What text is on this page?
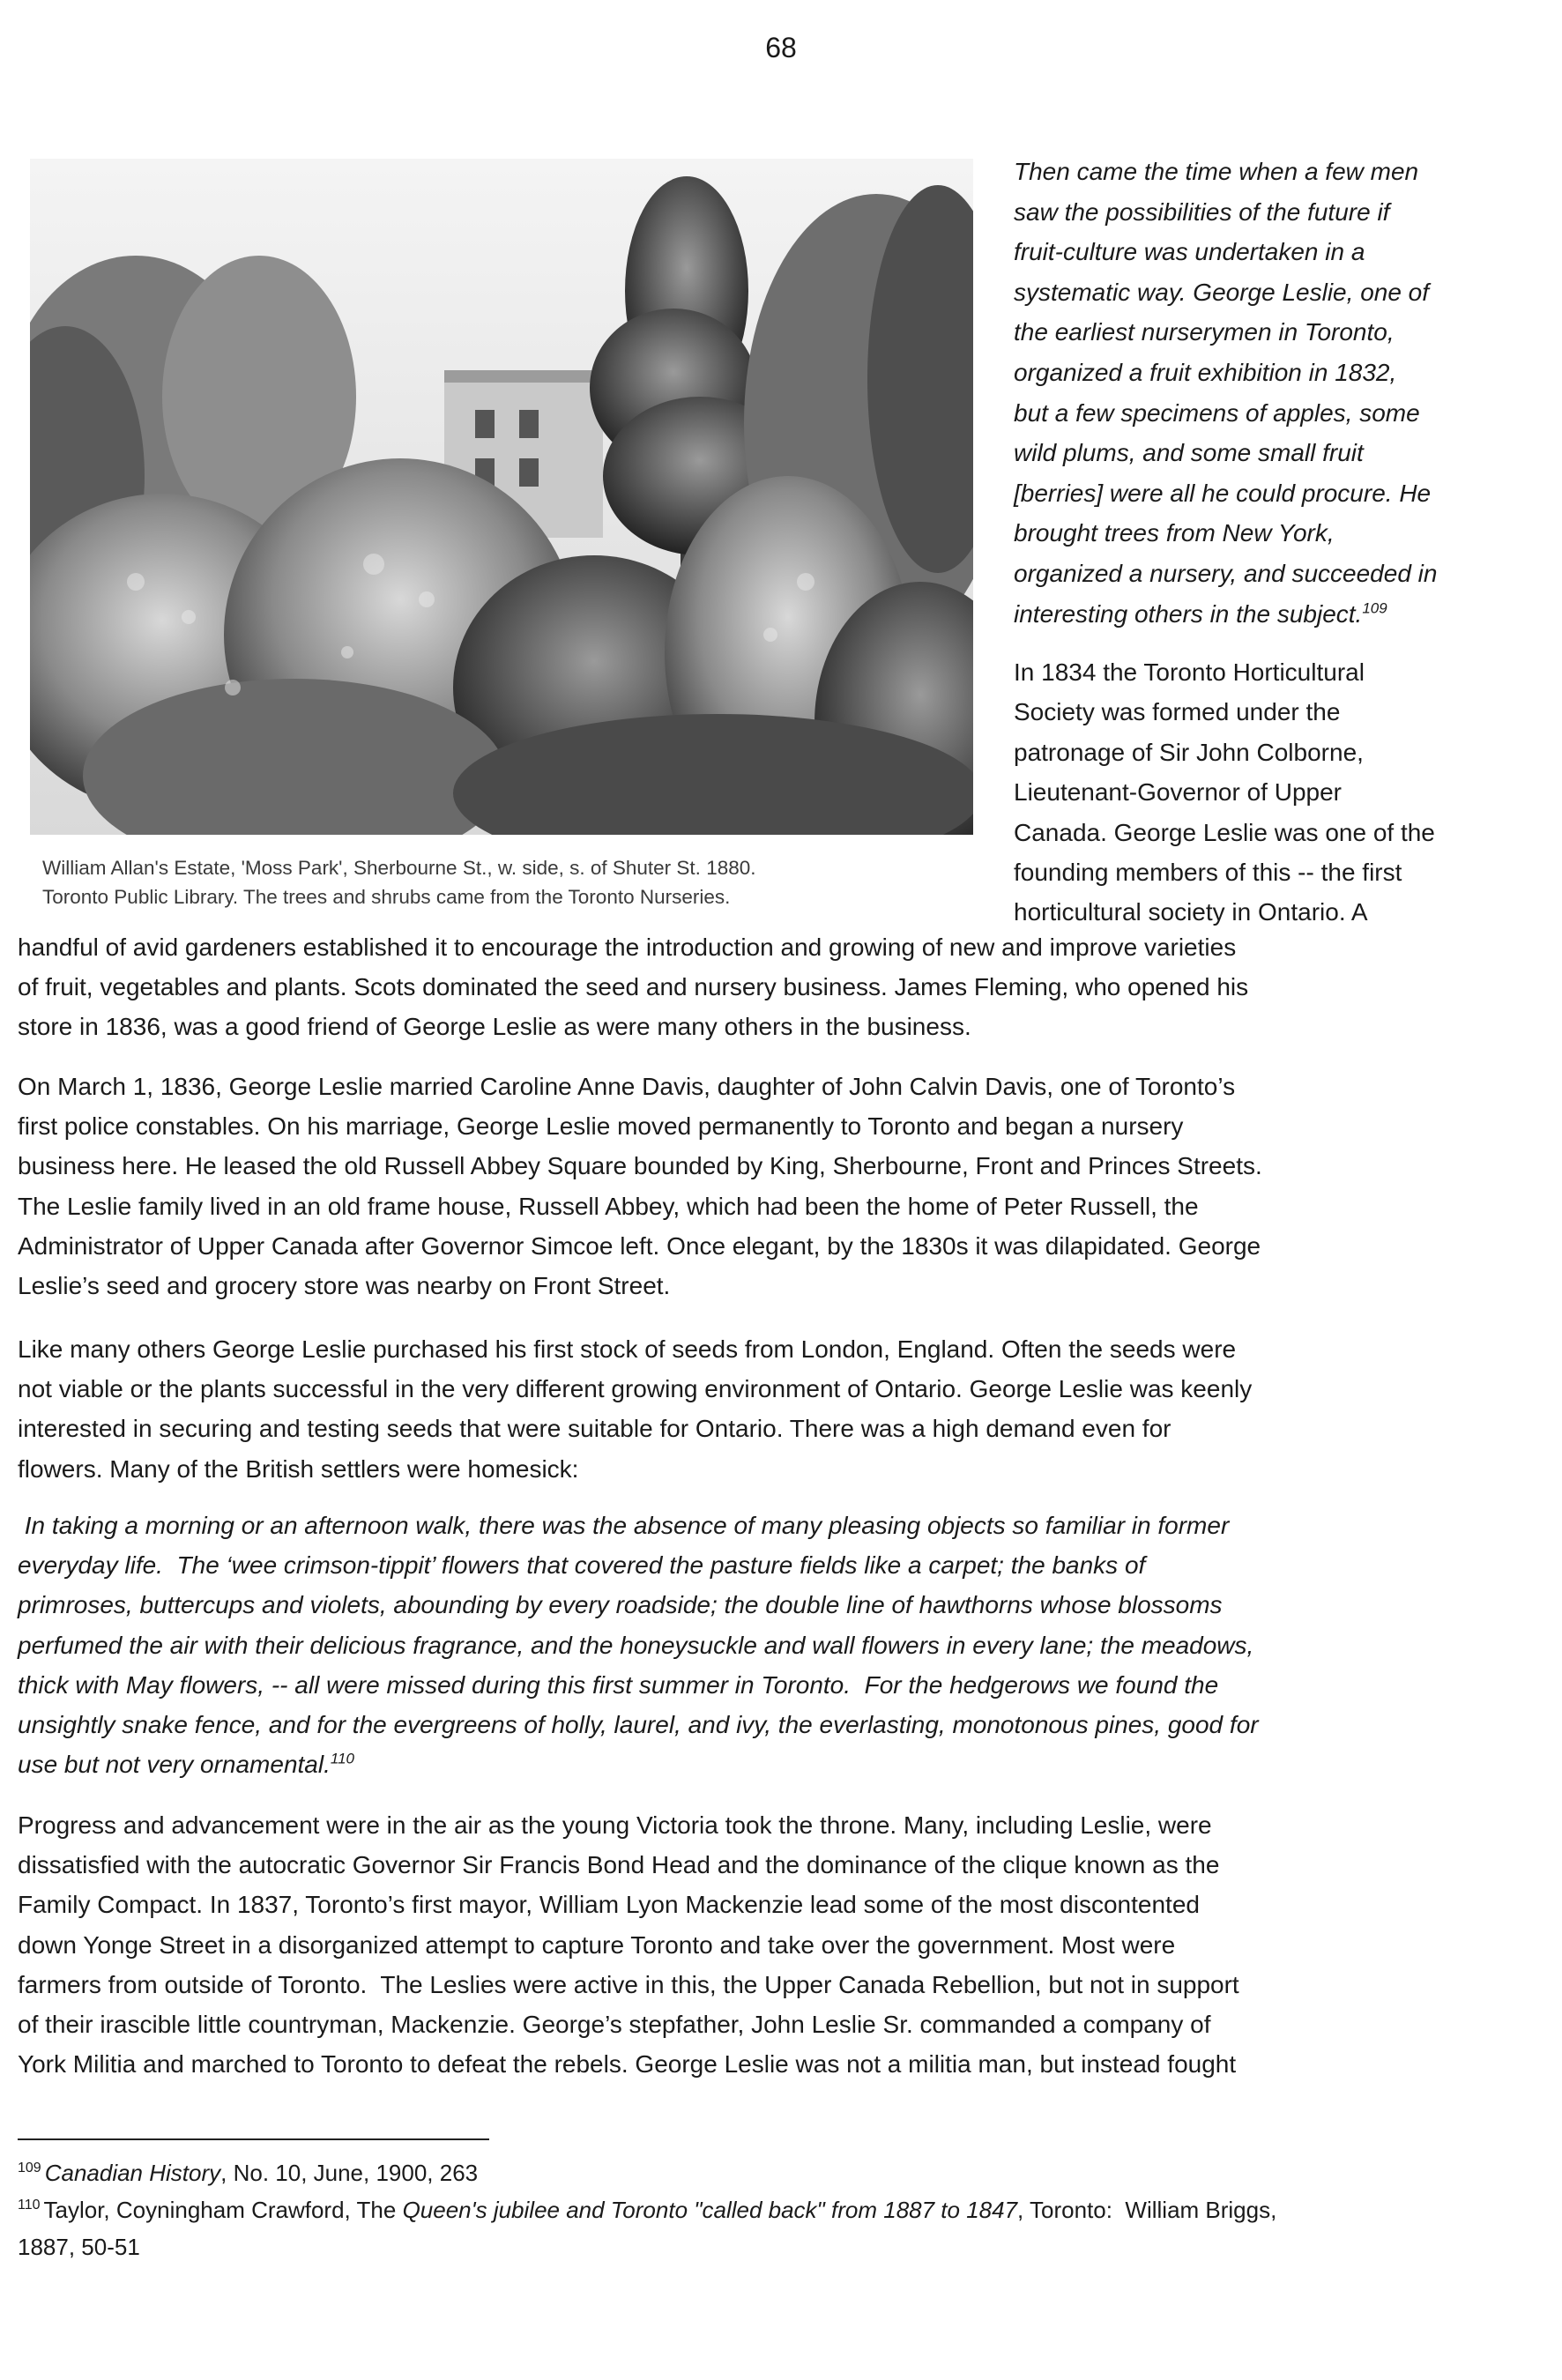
68
William Allan's Estate, 'Moss Park', Sherbourne St., w. side, s. of Shuter St. 1880.
Toronto Public Library. The trees and shrubs came from the Toronto Nurseries.

Then came the time when a few men
saw the possibilities of the future if
fruit-culture was undertaken in a
systematic way. George Leslie, one of
the earliest nurserymen in Toronto,
organized a fruit exhibition in 1832,
but a few specimens of apples, some
wild plums, and some small fruit
[berries] were all he could procure. He
brought trees from New York,
organized a nursery, and succeeded in
interesting others in the subject.$^{109}$

In 1834 the Toronto Horticultural
Society was formed under the
patronage of Sir John Colborne,
Lieutenant-Governor of Upper
Canada. George Leslie was one of the
founding members of this -- the first
horticultural society in Ontario. A

handful of avid gardeners established it to encourage the introduction and growing of new and improve varieties
of fruit, vegetables and plants. Scots dominated the seed and nursery business. James Fleming, who opened his
store in 1836, was a good friend of George Leslie as were many others in the business.

On March 1, 1836, George Leslie married Caroline Anne Davis, daughter of John Calvin Davis, one of Toronto’s
first police constables. On his marriage, George Leslie moved permanently to Toronto and began a nursery
business here. He leased the old Russell Abbey Square bounded by King, Sherbourne, Front and Princes Streets.
The Leslie family lived in an old frame house, Russell Abbey, which had been the home of Peter Russell, the
Administrator of Upper Canada after Governor Simcoe left. Once elegant, by the 1830s it was dilapidated. George
Leslie’s seed and grocery store was nearby on Front Street.

Like many others George Leslie purchased his first stock of seeds from London, England. Often the seeds were
not viable or the plants successful in the very different growing environment of Ontario. George Leslie was keenly
interested in securing and testing seeds that were suitable for Ontario. There was a high demand even for
flowers. Many of the British settlers were homesick:

In taking a morning or an afternoon walk, there was the absence of many pleasing objects so familiar in former
everyday life.  The ‘wee crimson-tippit’ flowers that covered the pasture fields like a carpet; the banks of
primroses, buttercups and violets, abounding by every roadside; the double line of hawthorns whose blossoms
perfumed the air with their delicious fragrance, and the honeysuckle and wall flowers in every lane; the meadows,
thick with May flowers, -- all were missed during this first summer in Toronto.  For the hedgerows we found the
unsightly snake fence, and for the evergreens of holly, laurel, and ivy, the everlasting, monotonous pines, good for
use but not very ornamental.$^{110}$

Progress and advancement were in the air as the young Victoria took the throne. Many, including Leslie, were
dissatisfied with the autocratic Governor Sir Francis Bond Head and the dominance of the clique known as the
Family Compact. In 1837, Toronto’s first mayor, William Lyon Mackenzie lead some of the most discontented
down Yonge Street in a disorganized attempt to capture Toronto and take over the government. Most were
farmers from outside of Toronto.  The Leslies were active in this, the Upper Canada Rebellion, but not in support
of their irascible little countryman, Mackenzie. George’s stepfather, John Leslie Sr. commanded a company of
York Militia and marched to Toronto to defeat the rebels. George Leslie was not a militia man, but instead fought

$^{109}$ Canadian History, No. 10, June, 1900, 263
$^{110}$ Taylor, Coyningham Crawford, The Queen's jubilee and Toronto "called back" from 1887 to 1847, Toronto:  William Briggs,
1887, 50-51
